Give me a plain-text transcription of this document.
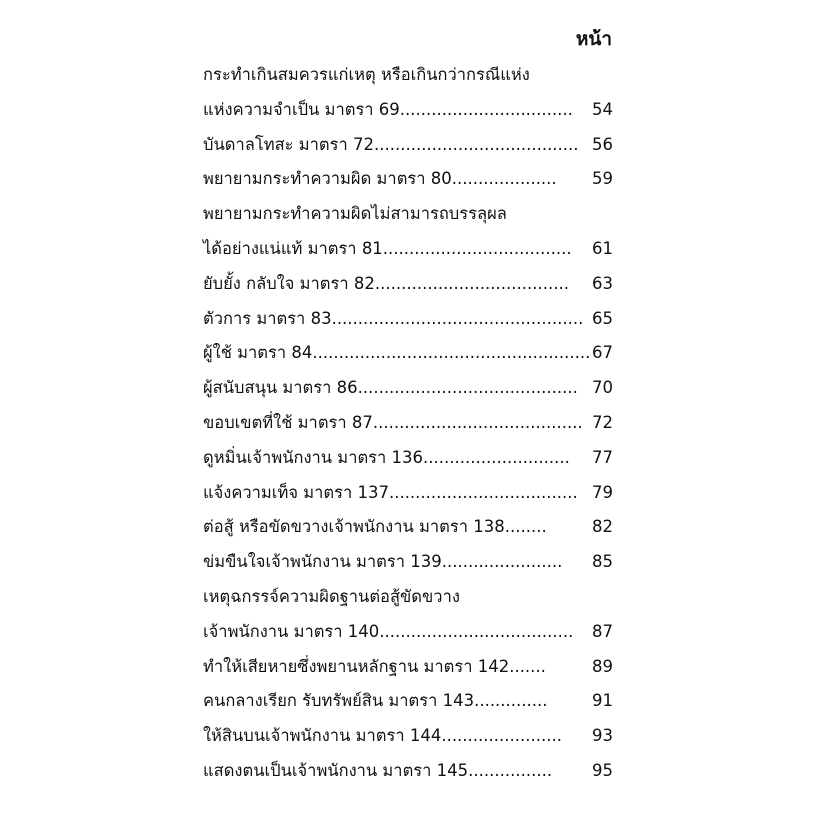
หน้า
กระทำเกินสมควรแก่เหตุ หรือเกินกว่ากรณีแห่ง
แห่งความจำเป็น มาตรา 69.................................	54
บันดาลโทสะ มาตรา 72....................................... 56
พยายามกระทำความผิด มาตรา 80....................	59
พยายามกระทำความผิดไม่สามารถบรรลุผล
ได้อย่างแน่แท้ มาตรา 81....................................	61
ยับยั้ง กลับใจ มาตรา 82.....................................	63
ตัวการ มาตรา 83................................................ 65
ผู้ใช้ มาตรา 84..................................................... 67
ผู้สนับสนุน มาตรา 86.......................................... 70
ขอบเขตที่ใช้ มาตรา 87........................................ 72
ดูหมิ่นเจ้าพนักงาน มาตรา 136............................	77
แจ้งความเท็จ มาตรา 137.................................... 79
ต่อสู้ หรือขัดขวางเจ้าพนักงาน มาตรา 138........	82
ข่มขืนใจเจ้าพนักงาน มาตรา 139.......................	85
เหตุฉกรรจ์ความผิดฐานต่อสู้ขัดขวาง
เจ้าพนักงาน มาตรา 140.....................................	87
ทำให้เสียหายซึ่งพยานหลักฐาน มาตรา 142.......	89
คนกลางเรียก รับทรัพย์สิน มาตรา 143..............	91
ให้สินบนเจ้าพนักงาน มาตรา 144.......................	93
แสดงตนเป็นเจ้าพนักงาน มาตรา 145................	95
